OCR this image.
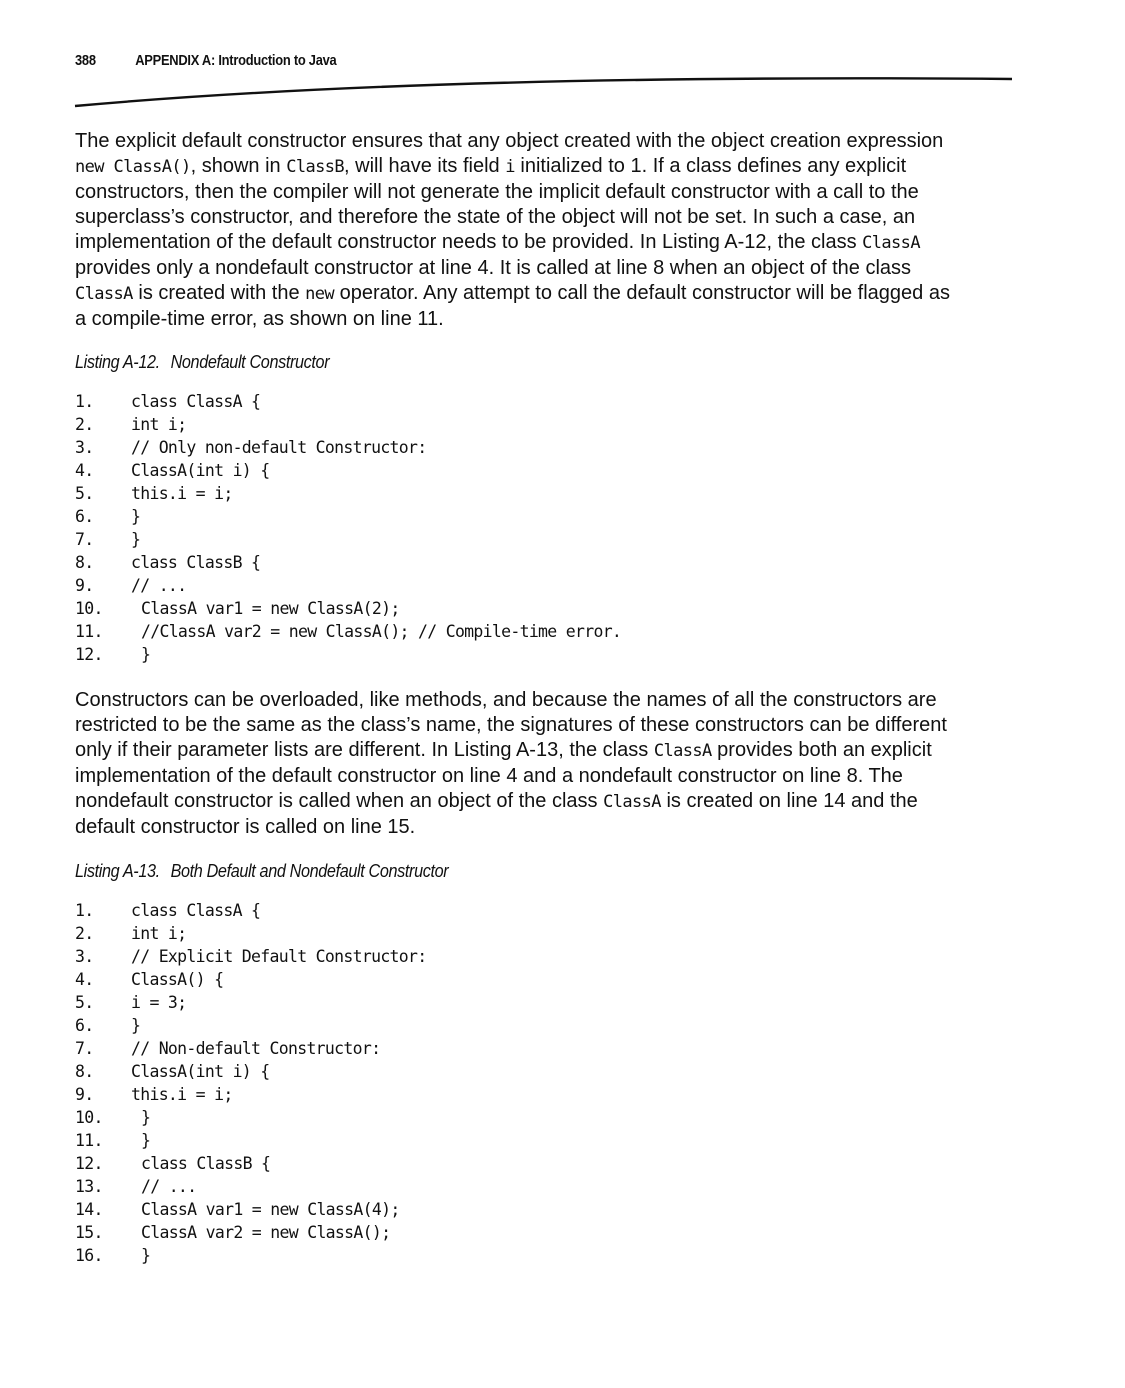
388	APPENDIX A: Introduction to Java
The explicit default constructor ensures that any object created with the object creation expression
new ClassA(), shown in ClassB, will have its field i initialized to 1. If a class defines any explicit
constructors, then the compiler will not generate the implicit default constructor with a call to the
superclass’s constructor, and therefore the state of the object will not be set. In such a case, an
implementation of the default constructor needs to be provided. In Listing A-12, the class ClassA
provides only a nondefault constructor at line 4. It is called at line 8 when an object of the class
ClassA is created with the new operator. Any attempt to call the default constructor will be flagged as
a compile-time error, as shown on line 11.
Listing A-12. Nondefault Constructor
1. class ClassA {
2. int i;
3. // Only non-default Constructor:
4. ClassA(int i) {
5. this.i = i;
6. }
7. }
8. class ClassB {
9. // ...
10. ClassA var1 = new ClassA(2);
11. //ClassA var2 = new ClassA(); // Compile-time error.
12. }
Constructors can be overloaded, like methods, and because the names of all the constructors are
restricted to be the same as the class’s name, the signatures of these constructors can be different
only if their parameter lists are different. In Listing A-13, the class ClassA provides both an explicit
implementation of the default constructor on line 4 and a nondefault constructor on line 8. The
nondefault constructor is called when an object of the class ClassA is created on line 14 and the
default constructor is called on line 15.
Listing A-13. Both Default and Nondefault Constructor
1. class ClassA {
2. int i;
3. // Explicit Default Constructor:
4. ClassA() {
5. i = 3;
6. }
7. // Non-default Constructor:
8. ClassA(int i) {
9. this.i = i;
10. }
11. }
12. class ClassB {
13. // ...
14. ClassA var1 = new ClassA(4);
15. ClassA var2 = new ClassA();
16. }
